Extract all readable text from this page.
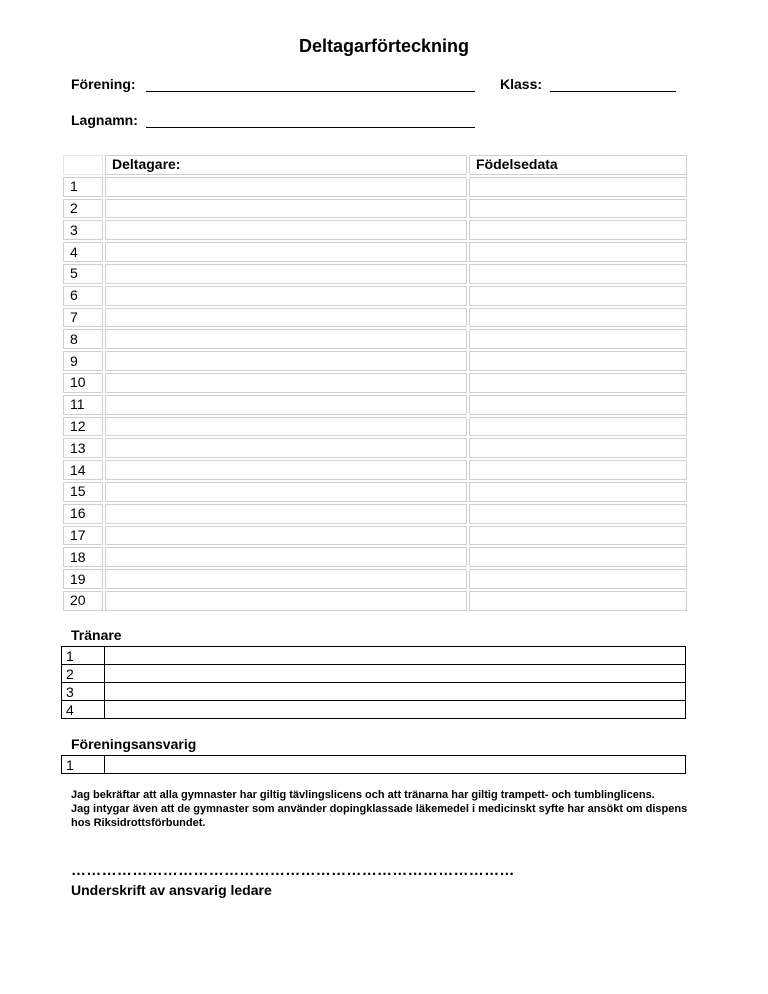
Deltagarförteckning
Förening:	Klass:
Lagnamn:
	Deltagare:	Födelsedata
1		
2		
3		
4		
5		
6		
7		
8		
9		
10		
11		
12		
13		
14		
15		
16		
17		
18		
19		
20		
Tränare
1	
2	
3	
4	
Föreningsansvarig
1	

Jag bekräftar att alla gymnaster har giltig tävlingslicens och att tränarna har giltig trampett- och tumblinglicens.

Jag intygar även att de gymnaster som använder dopingklassade läkemedel i medicinskt syfte har ansökt om dispens hos Riksidrottsförbundet.

……………………………………………………………………………
Underskrift av ansvarig ledare
